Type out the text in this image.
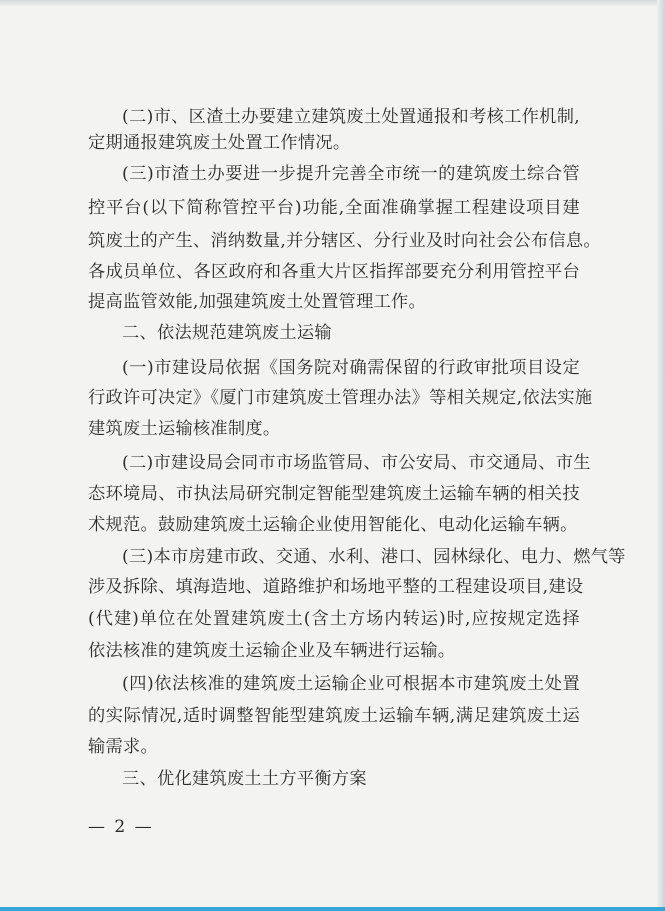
(二)市、区渣土办要建立建筑废土处置通报和考核工作机制,
定期通报建筑废土处置工作情况。
(三)市渣土办要进一步提升完善全市统一的建筑废土综合管
控平台(以下简称管控平台)功能,全面准确掌握工程建设项目建
筑废土的产生、消纳数量,并分辖区、分行业及时向社会公布信息。
各成员单位、各区政府和各重大片区指挥部要充分利用管控平台
提高监管效能,加强建筑废土处置管理工作。
二、依法规范建筑废土运输
(一)市建设局依据《国务院对确需保留的行政审批项目设定
行政许可决定》《厦门市建筑废土管理办法》等相关规定,依法实施
建筑废土运输核准制度。
(二)市建设局会同市市场监管局、市公安局、市交通局、市生
态环境局、市执法局研究制定智能型建筑废土运输车辆的相关技
术规范。鼓励建筑废土运输企业使用智能化、电动化运输车辆。
(三)本市房建市政、交通、水利、港口、园林绿化、电力、燃气等
涉及拆除、填海造地、道路维护和场地平整的工程建设项目,建设
(代建)单位在处置建筑废土(含土方场内转运)时,应按规定选择
依法核准的建筑废土运输企业及车辆进行运输。
(四)依法核准的建筑废土运输企业可根据本市建筑废土处置
的实际情况,适时调整智能型建筑废土运输车辆,满足建筑废土运
输需求。
三、优化建筑废土土方平衡方案
— 2 —
